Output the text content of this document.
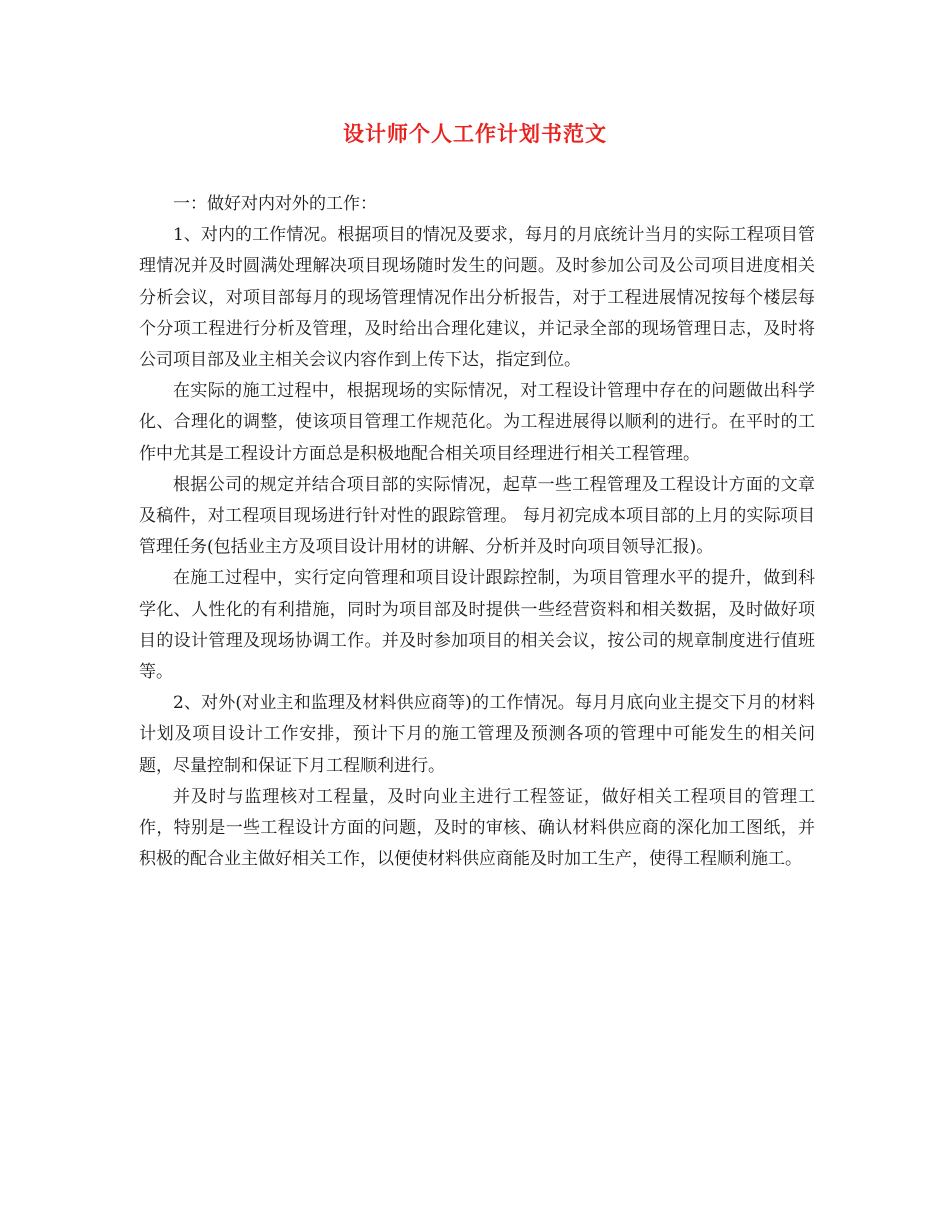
设计师个人工作计划书范文

一：做好对内对外的工作：

1、对内的工作情况。根据项目的情况及要求，每月的月底统计当月的实际工程项目管理情况并及时圆满处理解决项目现场随时发生的问题。及时参加公司及公司项目进度相关分析会议，对项目部每月的现场管理情况作出分析报告，对于工程进展情况按每个楼层每个分项工程进行分析及管理，及时给出合理化建议，并记录全部的现场管理日志，及时将公司项目部及业主相关会议内容作到上传下达，指定到位。

在实际的施工过程中，根据现场的实际情况，对工程设计管理中存在的问题做出科学化、合理化的调整，使该项目管理工作规范化。为工程进展得以顺利的进行。在平时的工作中尤其是工程设计方面总是积极地配合相关项目经理进行相关工程管理。

根据公司的规定并结合项目部的实际情况，起草一些工程管理及工程设计方面的文章及稿件，对工程项目现场进行针对性的跟踪管理。 每月初完成本项目部的上月的实际项目管理任务(包括业主方及项目设计用材的讲解、分析并及时向项目领导汇报)。

在施工过程中，实行定向管理和项目设计跟踪控制，为项目管理水平的提升，做到科学化、人性化的有利措施，同时为项目部及时提供一些经营资料和相关数据，及时做好项目的设计管理及现场协调工作。并及时参加项目的相关会议，按公司的规章制度进行值班等。

2、对外(对业主和监理及材料供应商等)的工作情况。每月月底向业主提交下月的材料计划及项目设计工作安排，预计下月的施工管理及预测各项的管理中可能发生的相关问题，尽量控制和保证下月工程顺利进行。

并及时与监理核对工程量，及时向业主进行工程签证，做好相关工程项目的管理工作，特别是一些工程设计方面的问题，及时的审核、确认材料供应商的深化加工图纸，并积极的配合业主做好相关工作，以便使材料供应商能及时加工生产，使得工程顺利施工。
